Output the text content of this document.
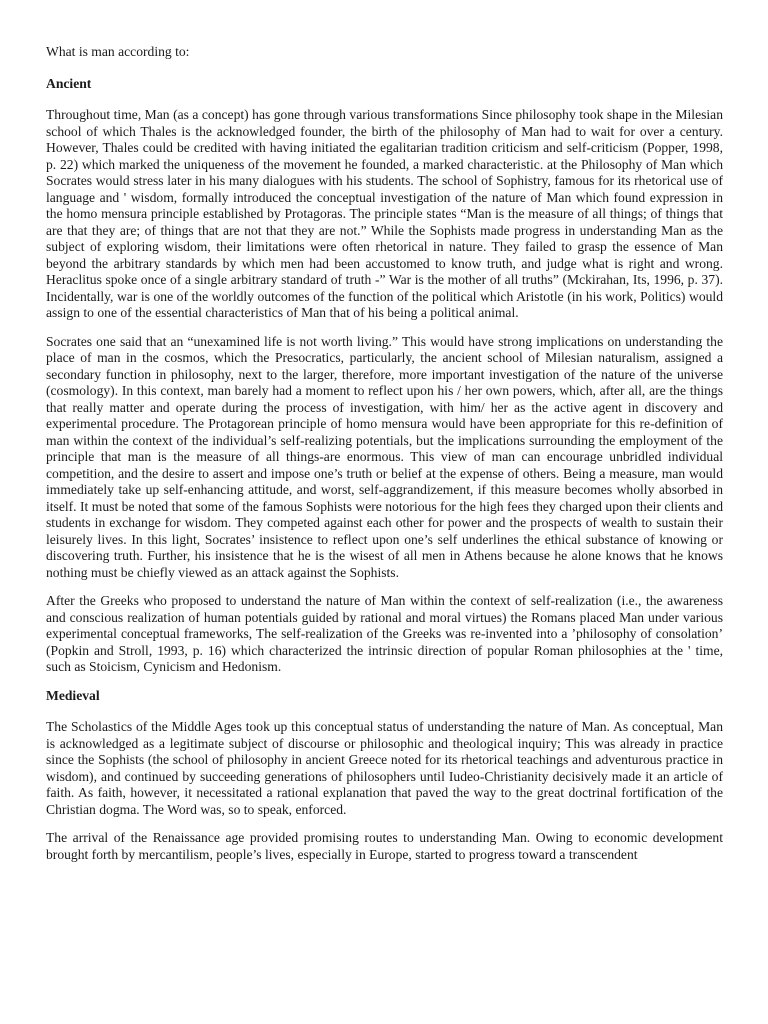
What is man according to:

Ancient

Throughout time, Man (as a concept) has gone through various transformations Since philosophy took shape in the Milesian school of which Thales is the acknowledged founder, the birth of the philosophy of Man had to wait for over a century. However, Thales could be credited with having initiated the egalitarian tradition criticism and self-criticism (Popper, 1998, p. 22) which marked the uniqueness of the movement he founded, a marked characteristic. at the Philosophy of Man which Socrates would stress later in his many dialogues with his students. The school of Sophistry, famous for its rhetorical use of language and ' wisdom, formally introduced the conceptual investigation of the nature of Man which found expression in the homo mensura principle established by Protagoras. The principle states “Man is the measure of all things; of things that are that they are; of things that are not that they are not.” While the Sophists made progress in understanding Man as the subject of exploring wisdom, their limitations were often rhetorical in nature. They failed to grasp the essence of Man beyond the arbitrary standards by which men had been accustomed to know truth, and judge what is right and wrong. Heraclitus spoke once of a single arbitrary standard of truth -” War is the mother of all truths” (Mckirahan, Its, 1996, p. 37). Incidentally, war is one of the worldly outcomes of the function of the political which Aristotle (in his work, Politics) would assign to one of the essential characteristics of Man that of his being a political animal.

Socrates one said that an “unexamined life is not worth living.” This would have strong implications on understanding the place of man in the cosmos, which the Presocratics, particularly, the ancient school of Milesian naturalism, assigned a secondary function in philosophy, next to the larger, therefore, more important investigation of the nature of the universe (cosmology). In this context, man barely had a moment to reflect upon his / her own powers, which, after all, are the things that really matter and operate during the process of investigation, with him/ her as the active agent in discovery and experimental procedure. The Protagorean principle of homo mensura would have been appropriate for this re-definition of man within the context of the individual’s self-realizing potentials, but the implications surrounding the employment of the principle that man is the measure of all things-are enormous. This view of man can encourage unbridled individual competition, and the desire to assert and impose one’s truth or belief at the expense of others. Being a measure, man would immediately take up self-enhancing attitude, and worst, self-aggrandizement, if this measure becomes wholly absorbed in itself. It must be noted that some of the famous Sophists were notorious for the high fees they charged upon their clients and students in exchange for wisdom. They competed against each other for power and the prospects of wealth to sustain their leisurely lives. In this light, Socrates’ insistence to reflect upon one’s self underlines the ethical substance of knowing or discovering truth. Further, his insistence that he is the wisest of all men in Athens because he alone knows that he knows nothing must be chiefly viewed as an attack against the Sophists.

After the Greeks who proposed to understand the nature of Man within the context of self-realization (i.e., the awareness and conscious realization of human potentials guided by rational and moral virtues) the Romans placed Man under various experimental conceptual frameworks, The self-realization of the Greeks was re-invented into a ’philosophy of consolation’ (Popkin and Stroll, 1993, p. 16) which characterized the intrinsic direction of popular Roman philosophies at the ' time, such as Stoicism, Cynicism and Hedonism.

Medieval

The Scholastics of the Middle Ages took up this conceptual status of understanding the nature of Man. As conceptual, Man is acknowledged as a legitimate subject of discourse or philosophic and theological inquiry; This was already in practice since the Sophists (the school of philosophy in ancient Greece noted for its rhetorical teachings and adventurous practice in wisdom), and continued by succeeding generations of philosophers until Iudeo-Christianity decisively made it an article of faith. As faith, however, it necessitated a rational explanation that paved the way to the great doctrinal fortification of the Christian dogma. The Word was, so to speak, enforced.

The arrival of the Renaissance age provided promising routes to understanding Man. Owing to economic development brought forth by mercantilism, people’s lives, especially in Europe, started to progress toward a transcendent
